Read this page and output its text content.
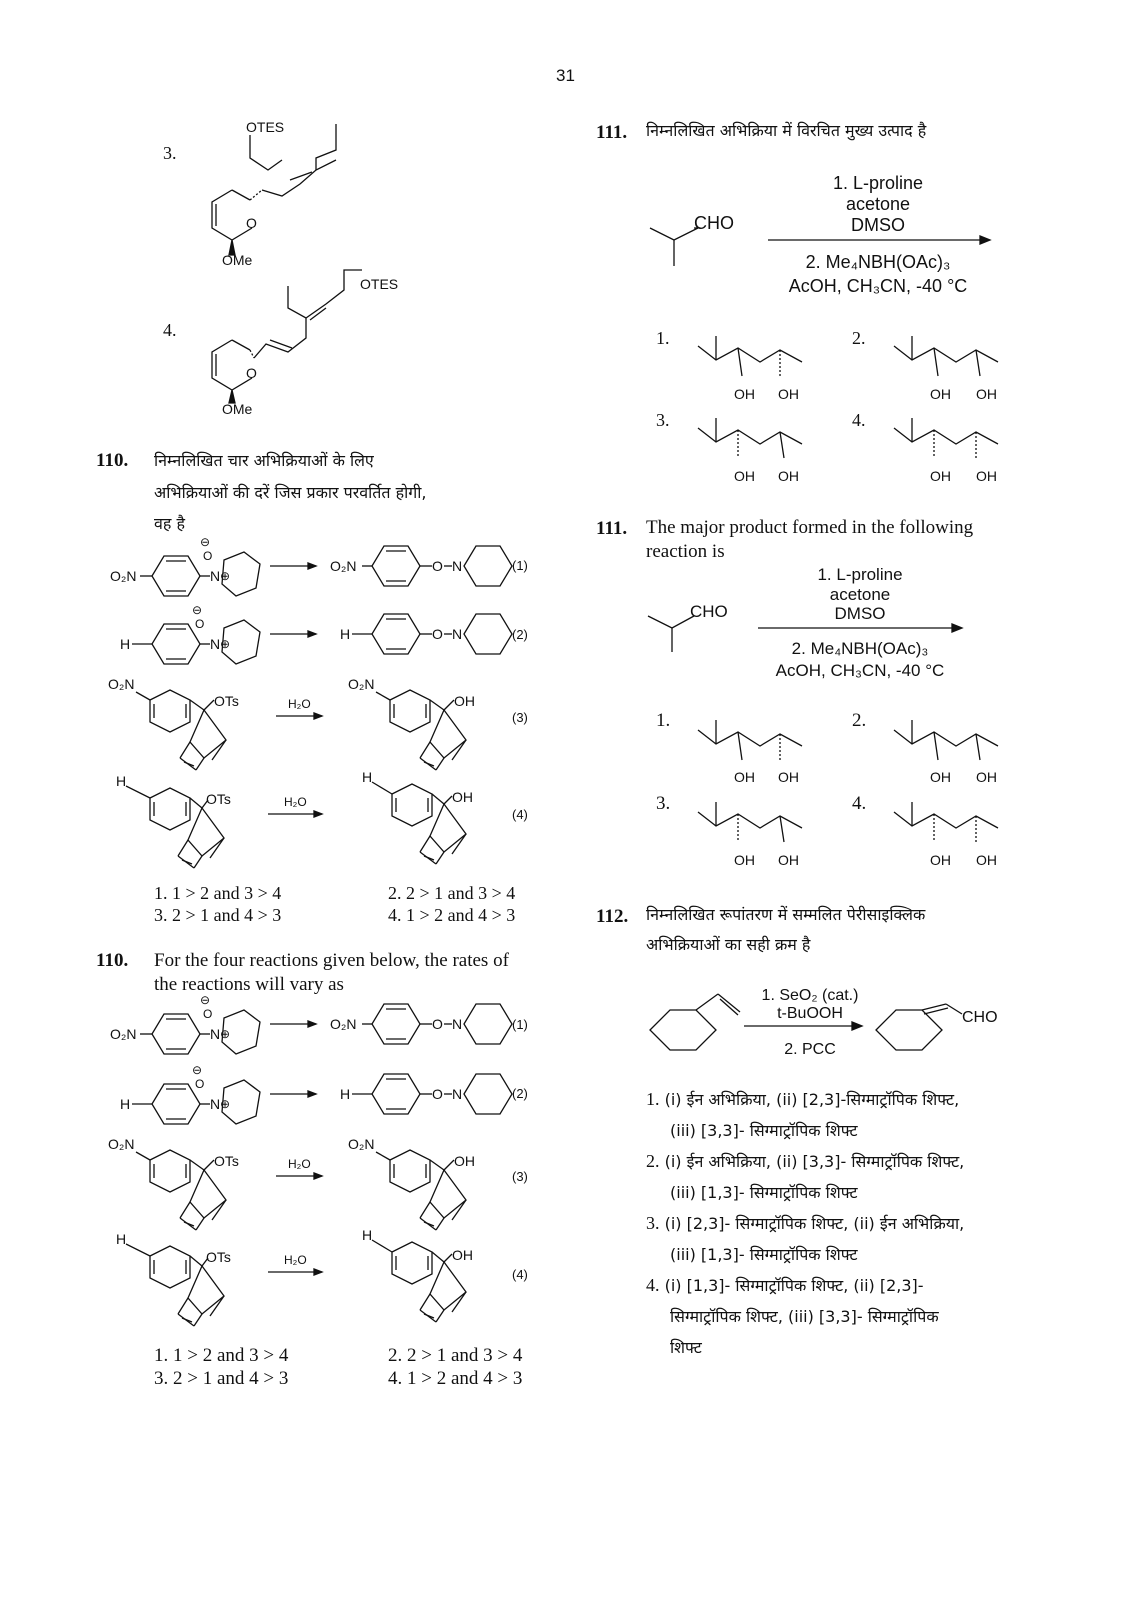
31
3.
OTES
O
OMe
4.
OTES
O
OMe
110. निम्नलिखित चार अभिक्रियाओं के लिए
अभिक्रियाओं की दरें जिस प्रकार परवर्तित होगी,
वह है
O₂N
⊖
O
N ⊕
O₂N	O N
H
⊖
O
N ⊕
H	O N
O₂N
OTs	H₂O
O₂N
OH
H
OTs	H₂O
H
OH
(1)
(2)
(3)
(4)
1. 1 > 2 and 3 > 4	2. 2 > 1 and 3 > 4
3. 2 > 1 and 4 > 3	4. 1 > 2 and 4 > 3
110. For the four reactions given below, the rates of
the reactions will vary as
O₂N
⊖
O
N ⊕
O₂N	O N
H
⊖
O
N ⊕
H	O N
O₂N
OTs	H₂O
O₂N
OH
H
OTs	H₂O
H
OH
(1)
(2)
(3)
(4)
1. 1 > 2 and 3 > 4	2. 2 > 1 and 3 > 4
3. 2 > 1 and 4 > 3	4. 1 > 2 and 4 > 3
111. निम्नलिखित अभिक्रिया में विरचित मुख्य उत्पाद है
CHO
1. L-proline
acetone
DMSO
2. Me₄NBH(OAc)₃
AcOH, CH₃CN, -40 °C
OH OH	OH OH
OH OH	OH OH
1.	2.
3.	4.
111. The major product formed in the following
reaction is
CHO
1. L-proline
acetone
DMSO
2. Me₄NBH(OAc)₃
AcOH, CH₃CN, -40 °C
OH OH	OH OH
OH OH	OH OH
1.	2.
3.	4.
112. निम्नलिखित रूपांतरण में सम्मलित पेरीसाइक्लिक
अभिक्रियाओं का सही क्रम है
1. SeO₂ (cat.)
t-BuOOH
2. PCC
CHO
1. (i) ईन अभिक्रिया, (ii) [2,3]-सिग्माट्रॉपिक शिफ्ट,
(iii) [3,3]- सिग्माट्रॉपिक शिफ्ट
2. (i) ईन अभिक्रिया, (ii) [3,3]- सिग्माट्रॉपिक शिफ्ट,
(iii) [1,3]- सिग्माट्रॉपिक शिफ्ट
3. (i) [2,3]- सिग्माट्रॉपिक शिफ्ट, (ii) ईन अभिक्रिया,
(iii) [1,3]- सिग्माट्रॉपिक शिफ्ट
4. (i) [1,3]- सिग्माट्रॉपिक शिफ्ट, (ii) [2,3]-
सिग्माट्रॉपिक शिफ्ट, (iii) [3,3]- सिग्माट्रॉपिक
शिफ्ट
